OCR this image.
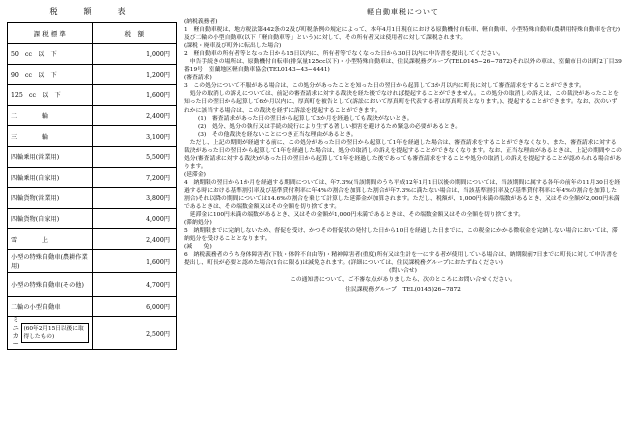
税　額　表
課 税 標 準	税　額
50　cc　以　下	1,000円
90　cc　以　下	1,200円
125　cc　以　下	1,600円
二　　　　輪	2,400円
三　　　　輪	3,100円
四輪乗用(営業用)	5,500円
四輪乗用(自家用)	7,200円
四輪貨物(営業用)	3,800円
四輪貨物(自家用)	4,000円
雪　　　　上	2,400円
小型の特殊自動車(農耕作業用)	1,600円
小型の特殊自動車(その他)	4,700円
二輪の小型自動車	6,000円

ミ ニ カー
(60年2月15日以後に取得したもの)	2,500円
軽自動車税について
(納税義務者)
1　軽自動車税は、地方税法第442条の2及び町税条例の規定によって、本年4月1日現在における原動機付自転車、軽自動車、小型特殊自動車(農耕用特殊自動車を含む)及び二輪の小型自動車(以下「軽自動車等」という)に対して、その所有者又は使用者に対して課税されます。
(課税・廃車及び町外に転出した場合)
2　軽自動車の所有者等となった日から15日以内に、所有者等でなくなった日から30日以内に申告書を提出してください。
　申告手続きの場所は、原動機付自転車(排気量125cc以下)・小型特殊自動車は、住民課税務グループ(TEL0145−26−7872)それ以外の車は、室蘭市日の出町2丁目39番19号　室蘭地区軽自動車協会(TEL0143−43−4441)
(審査請求)
3　この処分について不服がある場合は、この処分があったことを知った日の翌日から起算して3か月以内に町長に対して審査請求をすることができます。
　処分の取消しの訴えについては、前記の審査請求に対する裁決を経た後でなければ提起することができません。この処分の取消しの訴えは、この裁決があったことを知った日の翌日から起算して6か月以内に、厚真町を被告として(訴訟において厚真町を代表する者は厚真町長となります。)、提起することができます。なお、次のいずれかに該当する場合は、この裁決を経ずに訴訟を提起することができます。
(1)　審査請求があった日の翌日から起算して3か月を経過しても裁決がないとき。
(2)　処分、処分の執行又は手続の続行により生ずる著しい損害を避けるため緊急の必要があるとき。
(3)　その他裁決を経ないことにつき正当な理由があるとき。
　ただし、上記の期間が経過する前に、この処分があった日の翌日から起算して1年を経過した場合は、審査請求をすることができなくなり、また、審査請求に対する裁決があった日の翌日から起算して1年を経過した場合は、処分の取消しの訴えを提起することができなくなります。なお、正当な理由があるときは、上記の期間やこの処分(審査請求に対する裁決)があった日の翌日から起算して1年を経過した後であっても審査請求をすることや処分の取消しの訴えを提起することが認められる場合があります。
(延滞金)
4　納期限の翌日から1か月を経過する期間については、年7.3%(当該期間のうち平成12年1月1日以後の期間については、当該期間に属する各年の前年の11月30日を経過する時における基準割引率及び基準貸付利率に年4%の割合を加算した割合が年7.3%に満たない場合は、当該基準割引率及び基準貸付利率に年4%の割合を加算した割合)それ以降の期間については14.6%の割合を乗じて計算した延滞金が加算されます。ただし、税額が、1,000円未満の端数があるとき、又はその全額が2,000円未満であるときは、その端数金額又はその全額を切り捨てます。
　延滞金に100円未満の端数があるとき、又はその金額が1,000円未満であるときは、その端数金額又はその全額を切り捨てます。
(滞納処分)
5　納期限までに完納しないため、督促を受け、かつその督促状の発付した日から10日を経過した日までに、この税金にかかる徴収金を完納しない場合においては、滞納処分を受けることとなります。
(減　　免)
6　納税義務者のうち身体障害者(下肢・体幹不自由等)・精神障害者(重度)所有又は生計を一にする者が使用している場合は、納期限前7日までに町長に対して申告書を提出し、町長が必要と認めた場合(1台に限る)は減免されます。(詳細については、住民課税務グループにおたずねください)
(問い合せ)
この通知書について、ご不審な点がありましたら、次のところにお問い合せください。
住民課税務グループ　TEL(0145)26−7872
